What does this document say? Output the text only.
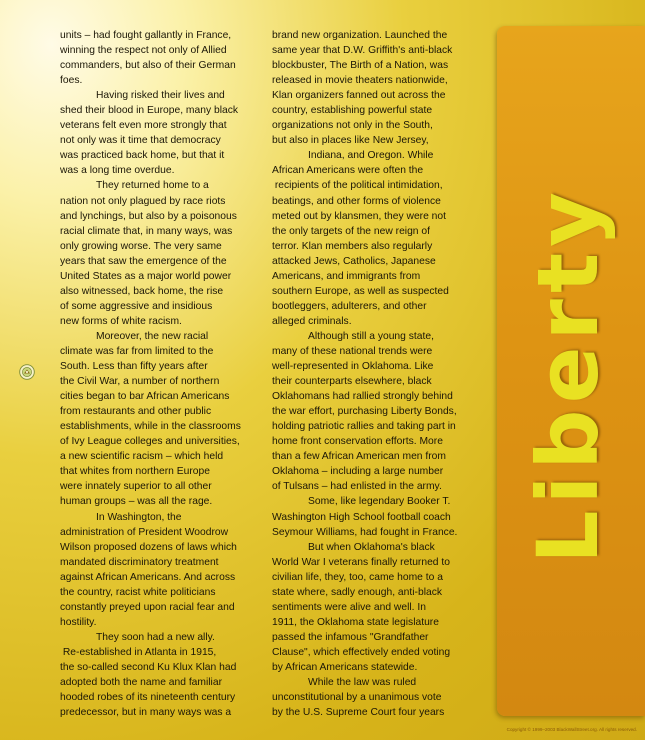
units – had fought gallantly in France,

winning the respect not only of Allied

commanders, but also of their German

foes.

Having risked their lives and

shed their blood in Europe, many black

veterans felt even more strongly that

not only was it time that democracy

was practiced back home, but that it

was a long time overdue.

They returned home to a

nation not only plagued by race riots

and lynchings, but also by a poisonous

racial climate that, in many ways, was

only growing worse. The very same

years that saw the emergence of the

United States as a major world power

also witnessed, back home, the rise

of some aggressive and insidious

new forms of white racism.

Moreover, the new racial

climate was far from limited to the

South. Less than fifty years after

the Civil War, a number of northern

cities began to bar African Americans

from restaurants and other public

establishments, while in the classrooms

of Ivy League colleges and universities,

a new scientific racism – which held

that whites from northern Europe

were innately superior to all other

human groups – was all the rage.

In Washington, the

administration of President Woodrow

Wilson proposed dozens of laws which

mandated discriminatory treatment

against African Americans. And across

the country, racist white politicians

constantly preyed upon racial fear and

hostility.

They soon had a new ally.

Re-established in Atlanta in 1915,

the so-called second Ku Klux Klan had

adopted both the name and familiar

hooded robes of its nineteenth century

predecessor, but in many ways was a

brand new organization. Launched the

same year that D.W. Griffith's anti-black

blockbuster, The Birth of a Nation, was

released in movie theaters nationwide,

Klan organizers fanned out across the

country, establishing powerful state

organizations not only in the South,

but also in places like New Jersey,

Indiana, and Oregon. While

African Americans were often the

recipients of the political intimidation,

beatings, and other forms of violence

meted out by klansmen, they were not

the only targets of the new reign of

terror. Klan members also regularly

attacked Jews, Catholics, Japanese

Americans, and immigrants from

southern Europe, as well as suspected

bootleggers, adulterers, and other

alleged criminals.

Although still a young state,

many of these national trends were

well-represented in Oklahoma. Like

their counterparts elsewhere, black

Oklahomans had rallied strongly behind

the war effort, purchasing Liberty Bonds,

holding patriotic rallies and taking part in

home front conservation efforts. More

than a few African American men from

Oklahoma – including a large number

of Tulsans – had enlisted in the army.

Some, like legendary Booker T.

Washington High School football coach

Seymour Williams, had fought in France.

But when Oklahoma's black

World War I veterans finally returned to

civilian life, they, too, came home to a

state where, sadly enough, anti-black

sentiments were alive and well. In

1911, the Oklahoma state legislature

passed the infamous "Grandfather

Clause", which effectively ended voting

by African Americans statewide.

While the law was ruled

unconstitutional by a unanimous vote

by the U.S. Supreme Court four years

Liberty
Copyright © 1999–2003 BlackWallStreet.org. All rights reserved.
